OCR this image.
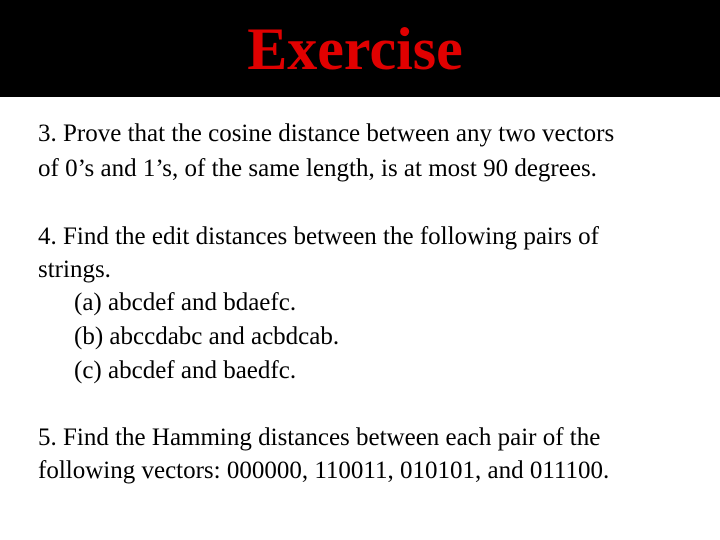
Exercise
3. Prove that the cosine distance between any two vectors
of 0’s and 1’s, of the same length, is at most 90 degrees.
4. Find the edit distances between the following pairs of
strings.
(a) abcdef and bdaefc.
(b) abccdabc and acbdcab.
(c) abcdef and baedfc.
5. Find the Hamming distances between each pair of the
following vectors: 000000, 110011, 010101, and 011100.
